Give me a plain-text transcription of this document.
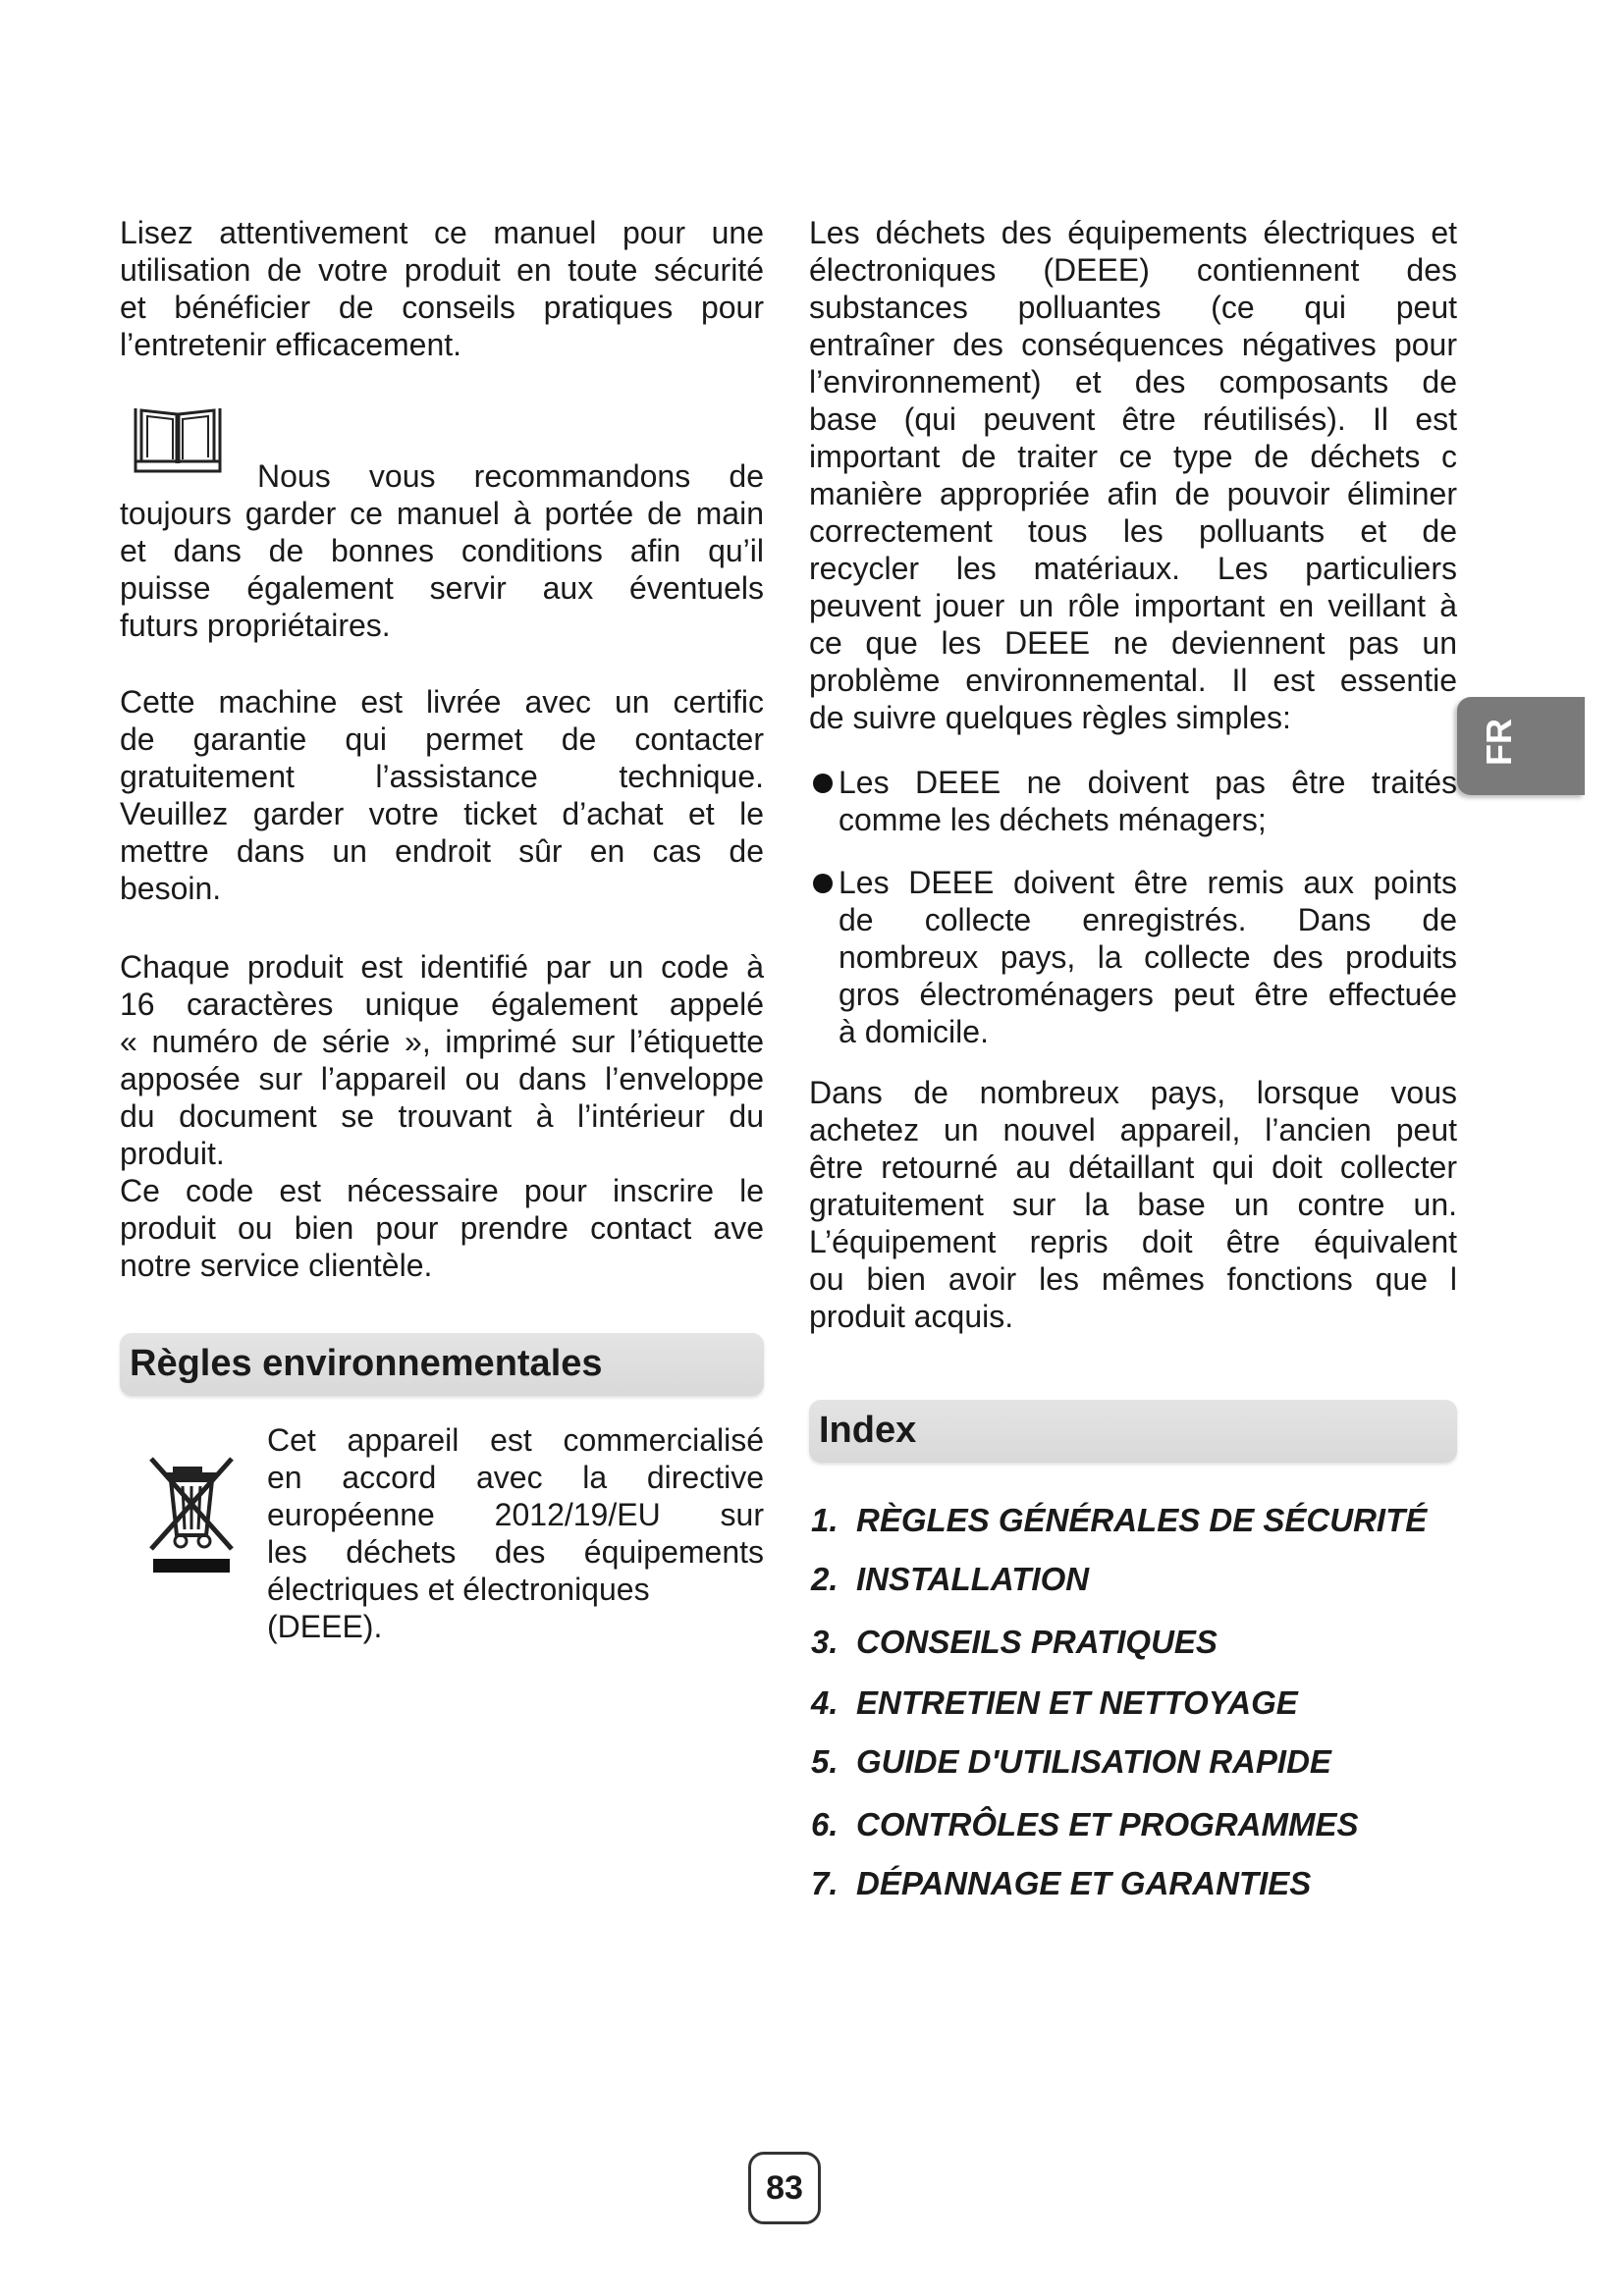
Lisez attentivement ce manuel pour une
utilisation de votre produit en toute sécurité
et bénéficier de conseils pratiques pour
l’entretenir efficacement.

Nous vous recommandons de
toujours garder ce manuel à portée de main
et dans de bonnes conditions afin qu’il
puisse également servir aux éventuels
futurs propriétaires.

Cette machine est livrée avec un certific
de garantie qui permet de contacter
gratuitement l’assistance technique.
Veuillez garder votre ticket d’achat et le
mettre dans un endroit sûr en cas de
besoin.

Chaque produit est identifié par un code à
16 caractères unique également appelé
« numéro de série », imprimé sur l’étiquette
apposée sur l’appareil ou dans l’enveloppe
du document se trouvant à l’intérieur du
produit.
Ce code est nécessaire pour inscrire le
produit ou bien pour prendre contact ave
notre service clientèle.

Règles environnementales

Cet appareil est commercialisé
en accord avec la directive
européenne 2012/19/EU sur
les déchets des équipements
électriques et électroniques (DEEE).

Les déchets des équipements électriques et
électroniques (DEEE) contiennent des
substances polluantes (ce qui peut
entraîner des conséquences négatives pour
l’environnement) et des composants de
base (qui peuvent être réutilisés). Il est
important de traiter ce type de déchets c
manière appropriée afin de pouvoir éliminer
correctement tous les polluants et de
recycler les matériaux. Les particuliers
peuvent jouer un rôle important en veillant à
ce que les DEEE ne deviennent pas un
problème environnemental. Il est essentie
de suivre quelques règles simples:

Les DEEE ne doivent pas être traités
comme les déchets ménagers;
Les DEEE doivent être remis aux points
de collecte enregistrés. Dans de
nombreux pays, la collecte des produits
gros électroménagers peut être effectuée
à domicile.

Dans de nombreux pays, lorsque vous
achetez un nouvel appareil, l’ancien peut
être retourné au détaillant qui doit collecter
gratuitement sur la base un contre un.
L’équipement repris doit être équivalent
ou bien avoir les mêmes fonctions que l
produit acquis.

Index
1. RÈGLES GÉNÉRALES DE SÉCURITÉ
2. INSTALLATION
3. CONSEILS PRATIQUES
4. ENTRETIEN ET NETTOYAGE
5. GUIDE D'UTILISATION RAPIDE
6. CONTRÔLES ET PROGRAMMES
7. DÉPANNAGE ET GARANTIES
FR
83
